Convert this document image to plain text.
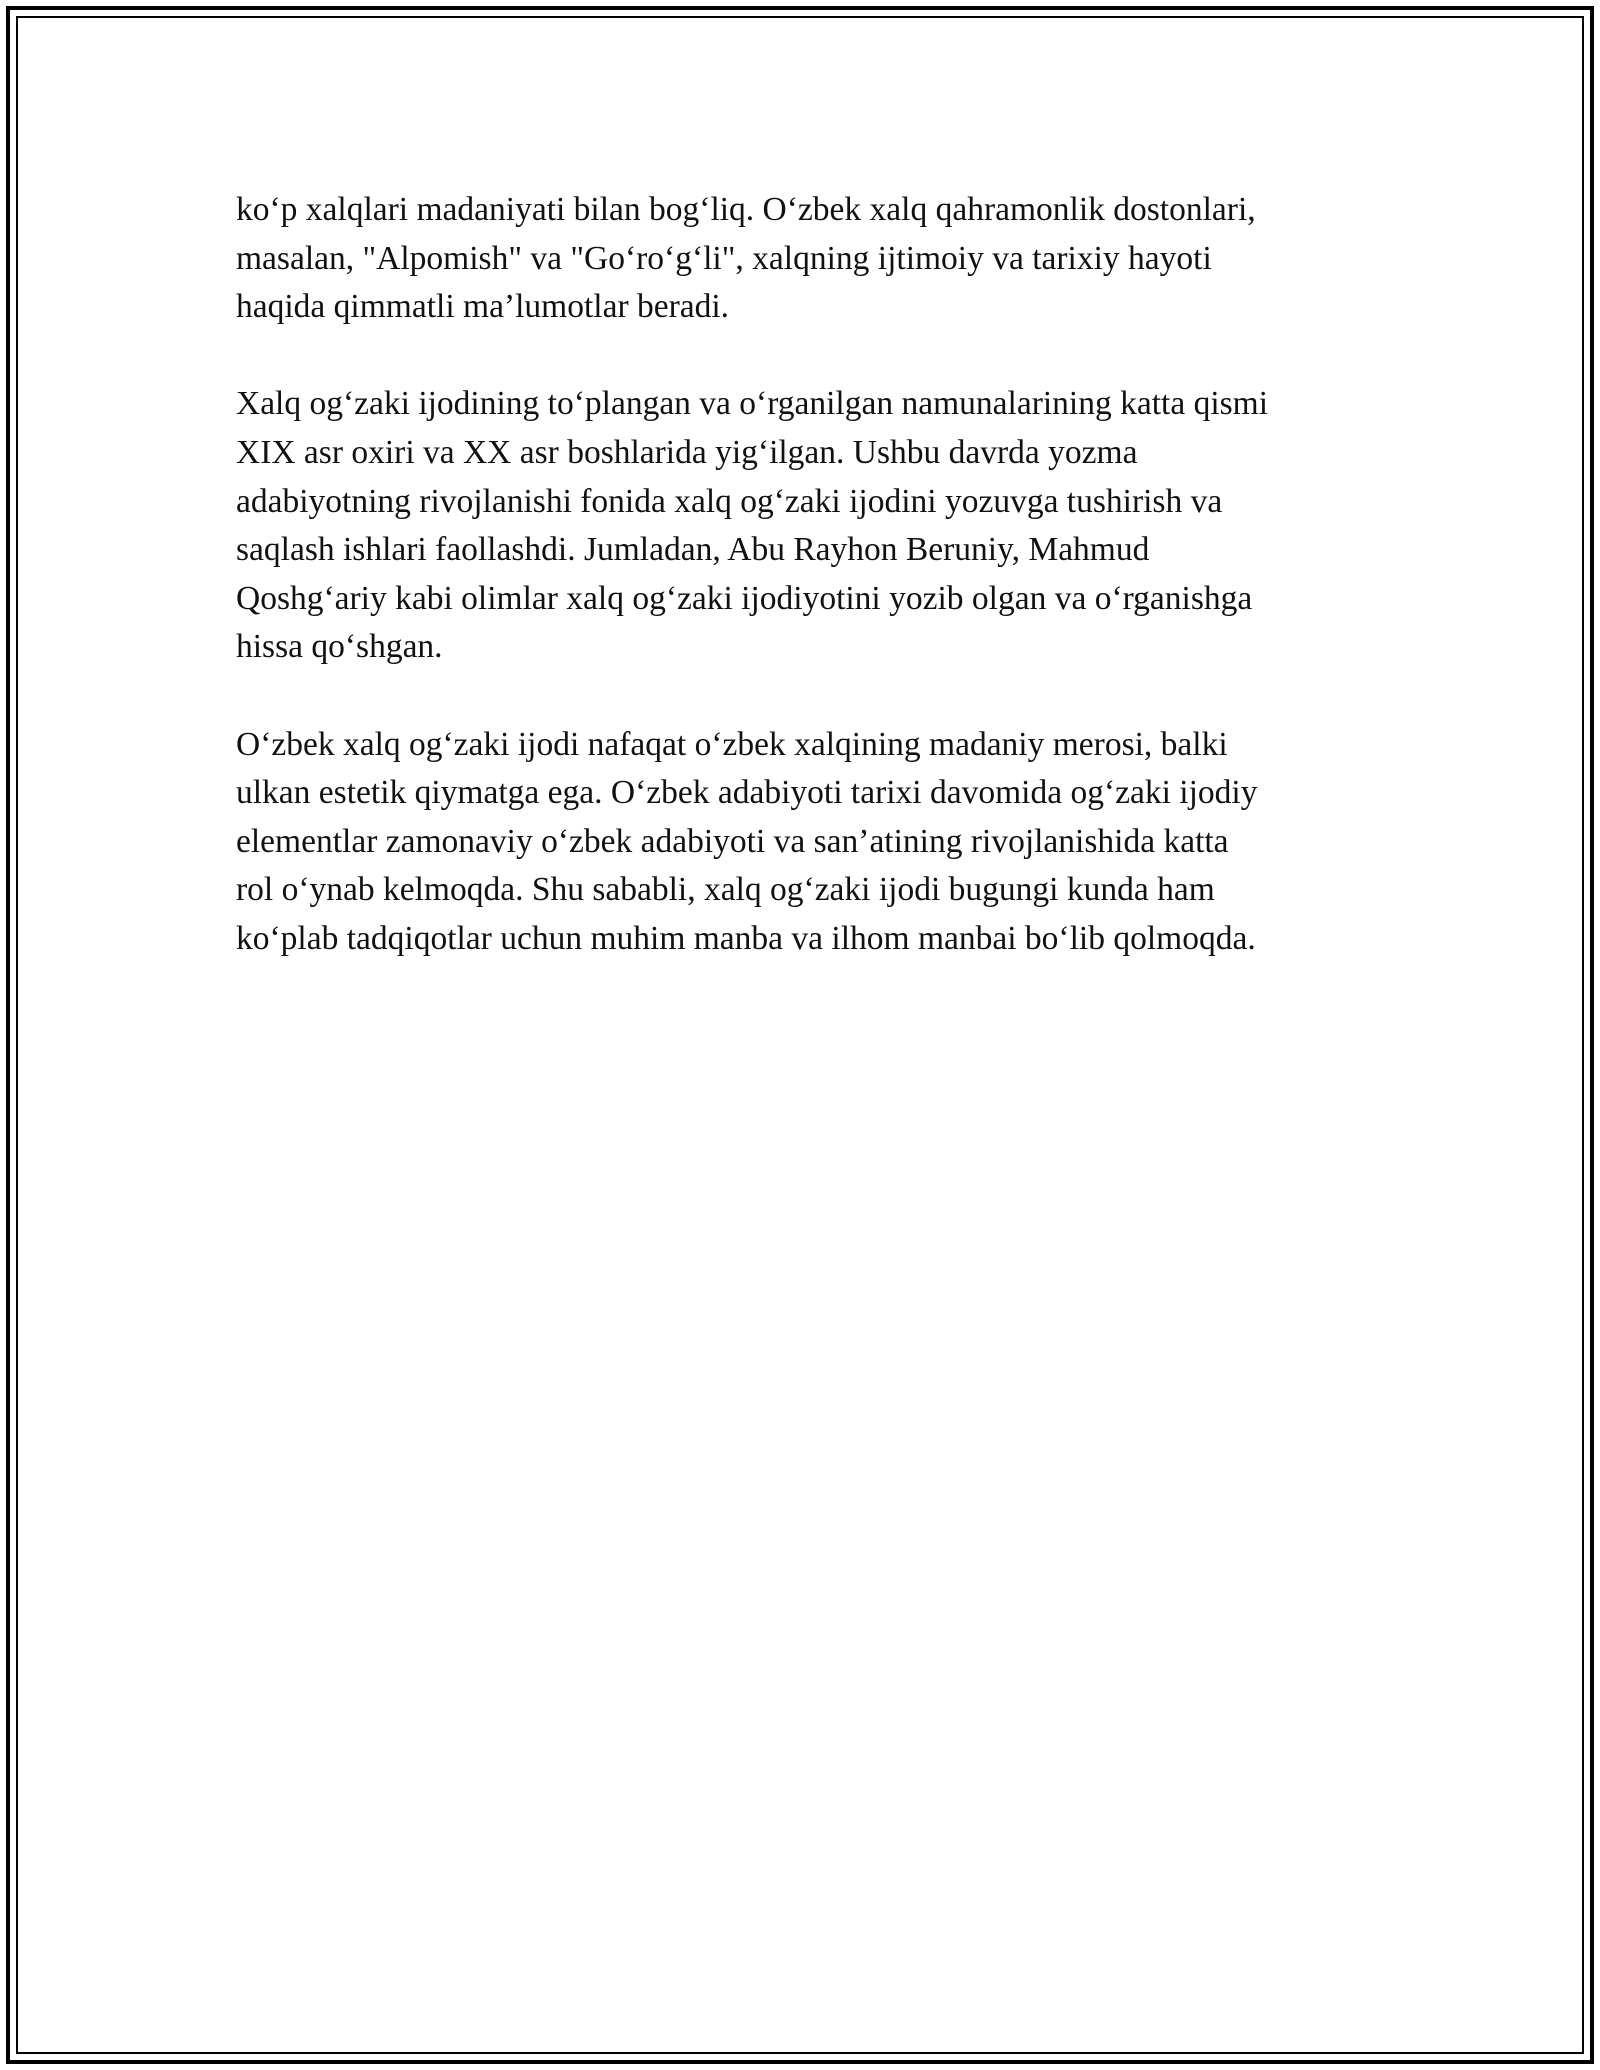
ko‘p xalqlari madaniyati bilan bog‘liq. O‘zbek xalq qahramonlik dostonlari,
masalan, "Alpomish" va "Go‘ro‘g‘li", xalqning ijtimoiy va tarixiy hayoti
haqida qimmatli ma’lumotlar beradi.

Xalq og‘zaki ijodining to‘plangan va o‘rganilgan namunalarining katta qismi
XIX asr oxiri va XX asr boshlarida yig‘ilgan. Ushbu davrda yozma
adabiyotning rivojlanishi fonida xalq og‘zaki ijodini yozuvga tushirish va
saqlash ishlari faollashdi. Jumladan, Abu Rayhon Beruniy, Mahmud
Qoshg‘ariy kabi olimlar xalq og‘zaki ijodiyotini yozib olgan va o‘rganishga
hissa qo‘shgan.

O‘zbek xalq og‘zaki ijodi nafaqat o‘zbek xalqining madaniy merosi, balki
ulkan estetik qiymatga ega. O‘zbek adabiyoti tarixi davomida og‘zaki ijodiy
elementlar zamonaviy o‘zbek adabiyoti va san’atining rivojlanishida katta
rol o‘ynab kelmoqda. Shu sababli, xalq og‘zaki ijodi bugungi kunda ham
ko‘plab tadqiqotlar uchun muhim manba va ilhom manbai bo‘lib qolmoqda.
